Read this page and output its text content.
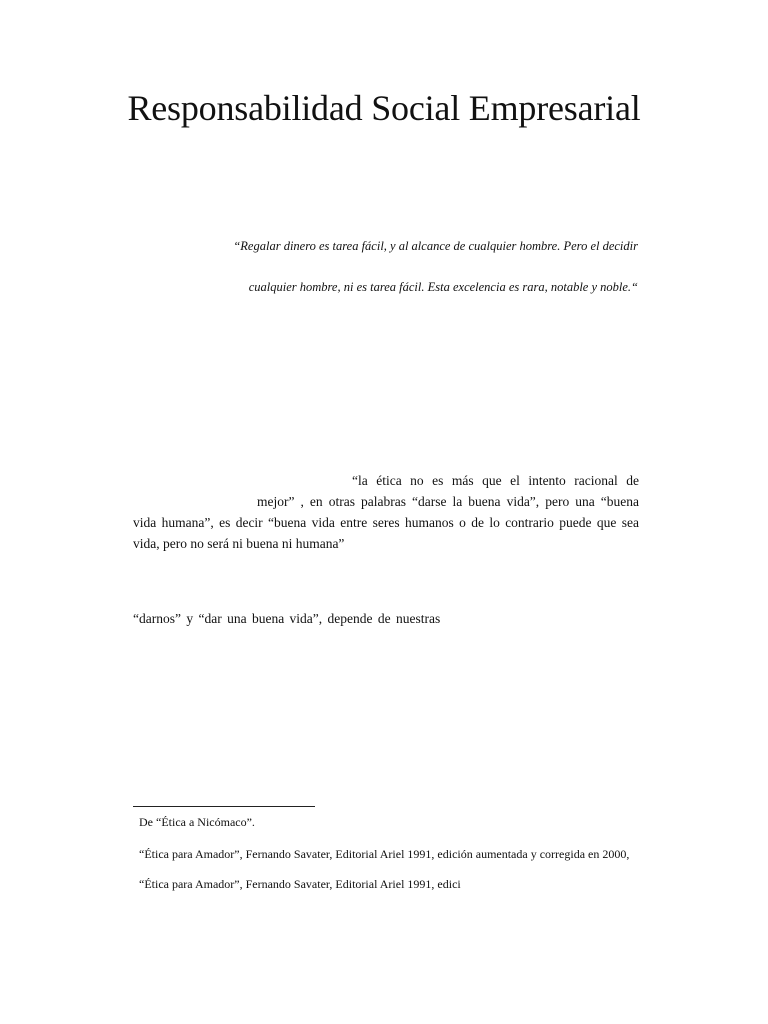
Responsabilidad Social Empresarial
“Regalar dinero es tarea fácil, y al alcance de cualquier hombre. Pero el decidir
cualquier hombre, ni es tarea fácil. Esta excelencia es rara, notable y noble.“
“la ética no es más que el intento racional de
mejor” , en otras palabras “darse la buena vida”, pero una “buena
vida humana”, es decir “buena vida entre seres humanos o de lo contrario puede que sea
vida, pero no será ni buena ni humana”
“darnos” y “dar una buena vida”, depende de nuestras
De “Ética a Nicómaco”.
“Ética para Amador”, Fernando Savater, Editorial Ariel 1991, edición aumentada y corregida en 2000,
“Ética para Amador”, Fernando Savater, Editorial Ariel 1991, edici
